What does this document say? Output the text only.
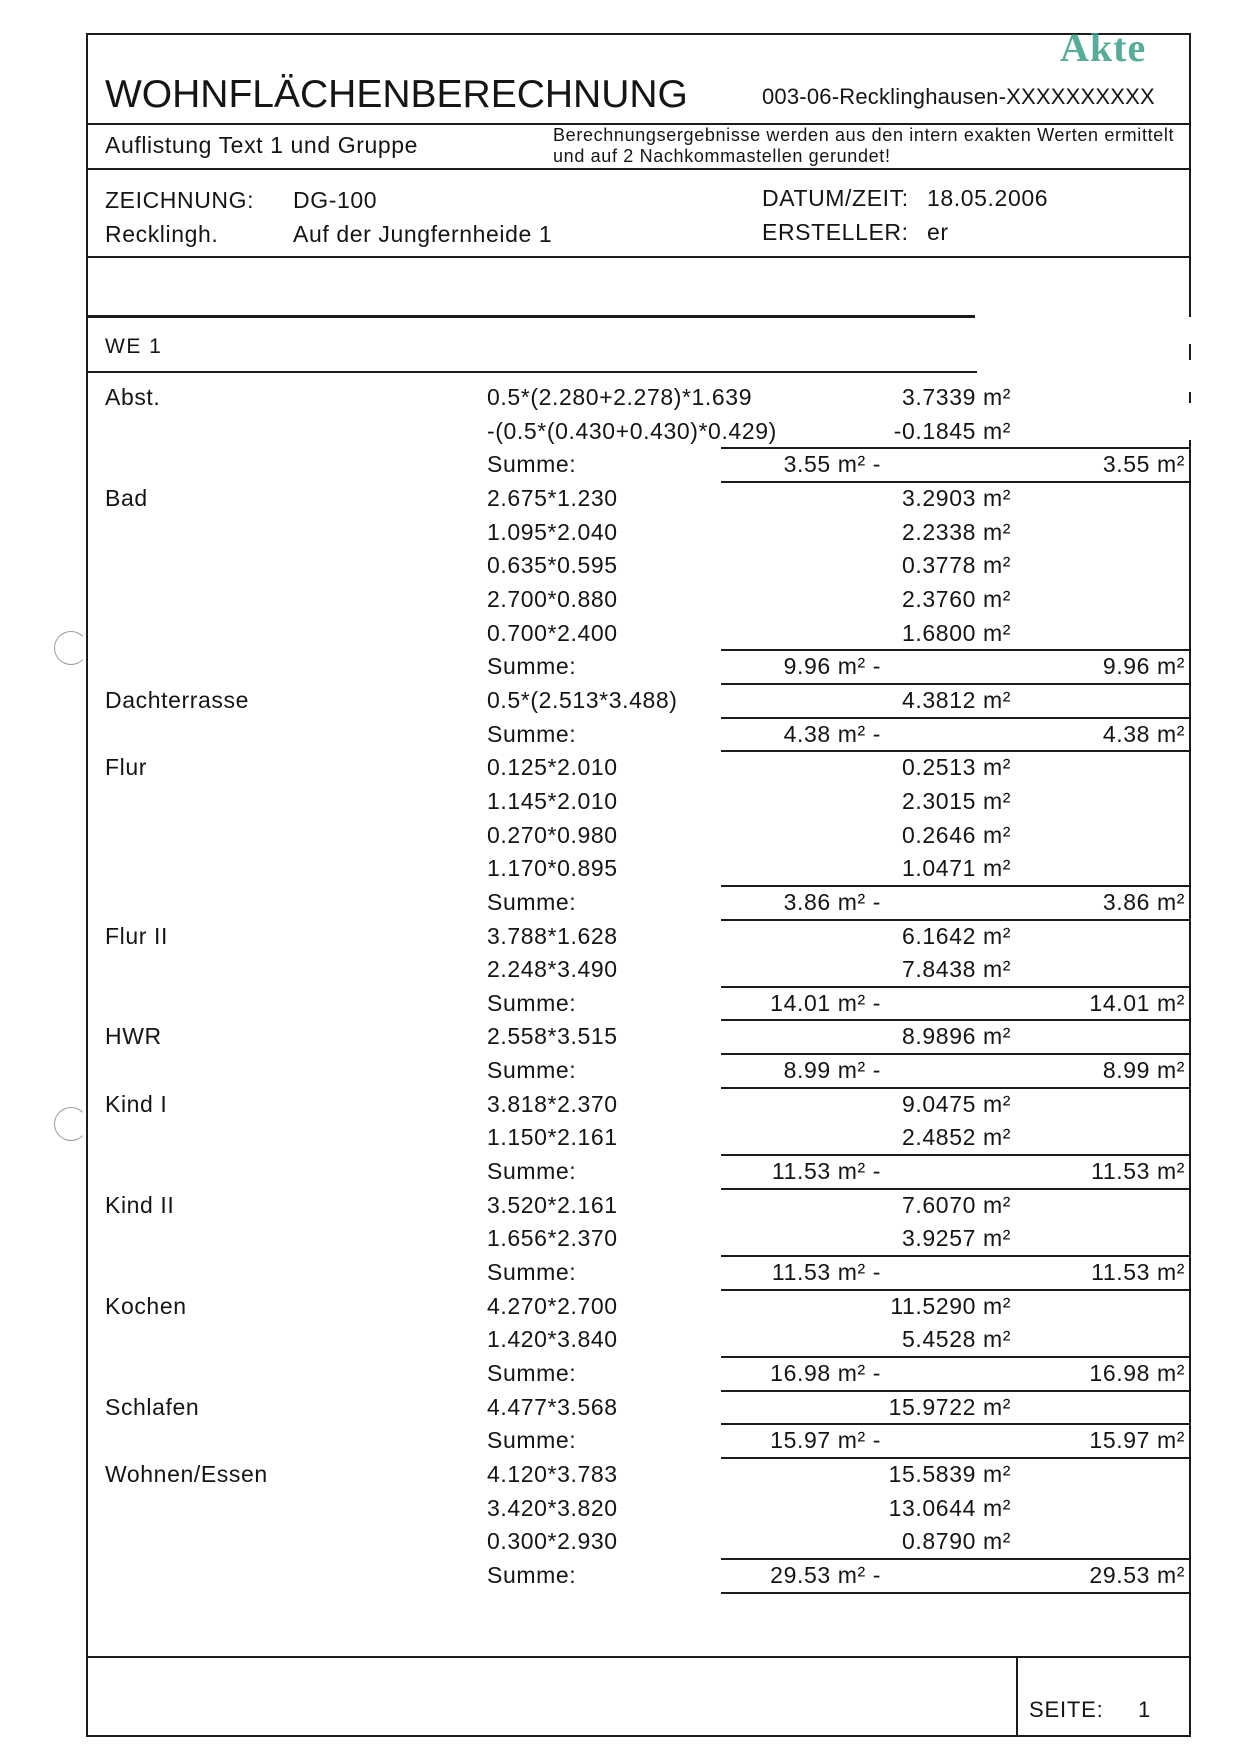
WOHNFLÄCHENBERECHNUNG	003-06-Recklinghausen-XXXXXXXXXX
Akte
Auflistung Text 1 und Gruppe	Berechnungsergebnisse werden aus den intern exakten Werten ermittelt
und auf 2 Nachkommastellen gerundet!
ZEICHNUNG: DG-100	DATUM/ZEIT: 18.05.2006
Recklingh.	Auf der Jungfernheide 1	ERSTELLER: er
WE 1
Abst.	0.5*(2.280+2.278)*1.639	3.7339 m²
-(0.5*(0.430+0.430)*0.429)	-0.1845 m²
Summe:	3.55 m² -	3.55 m²
Bad	2.675*1.230	3.2903 m²
1.095*2.040	2.2338 m²
0.635*0.595	0.3778 m²
2.700*0.880	2.3760 m²
0.700*2.400	1.6800 m²
Summe:	9.96 m² -	9.96 m²
Dachterrasse	0.5*(2.513*3.488)	4.3812 m²
Summe:	4.38 m² -	4.38 m²
Flur	0.125*2.010	0.2513 m²
1.145*2.010	2.3015 m²
0.270*0.980	0.2646 m²
1.170*0.895	1.0471 m²
Summe:	3.86 m² -	3.86 m²
Flur II	3.788*1.628	6.1642 m²
2.248*3.490	7.8438 m²
Summe:	14.01 m² -	14.01 m²
HWR	2.558*3.515	8.9896 m²
Summe:	8.99 m² -	8.99 m²
Kind I	3.818*2.370	9.0475 m²
1.150*2.161	2.4852 m²
Summe:	11.53 m² -	11.53 m²
Kind II	3.520*2.161	7.6070 m²
1.656*2.370	3.9257 m²
Summe:	11.53 m² -	11.53 m²
Kochen	4.270*2.700	11.5290 m²
1.420*3.840	5.4528 m²
Summe:	16.98 m² -	16.98 m²
Schlafen	4.477*3.568	15.9722 m²
Summe:	15.97 m² -	15.97 m²
Wohnen/Essen	4.120*3.783	15.5839 m²
3.420*3.820	13.0644 m²
0.300*2.930	0.8790 m²
Summe:	29.53 m² -	29.53 m²
SEITE: 1
